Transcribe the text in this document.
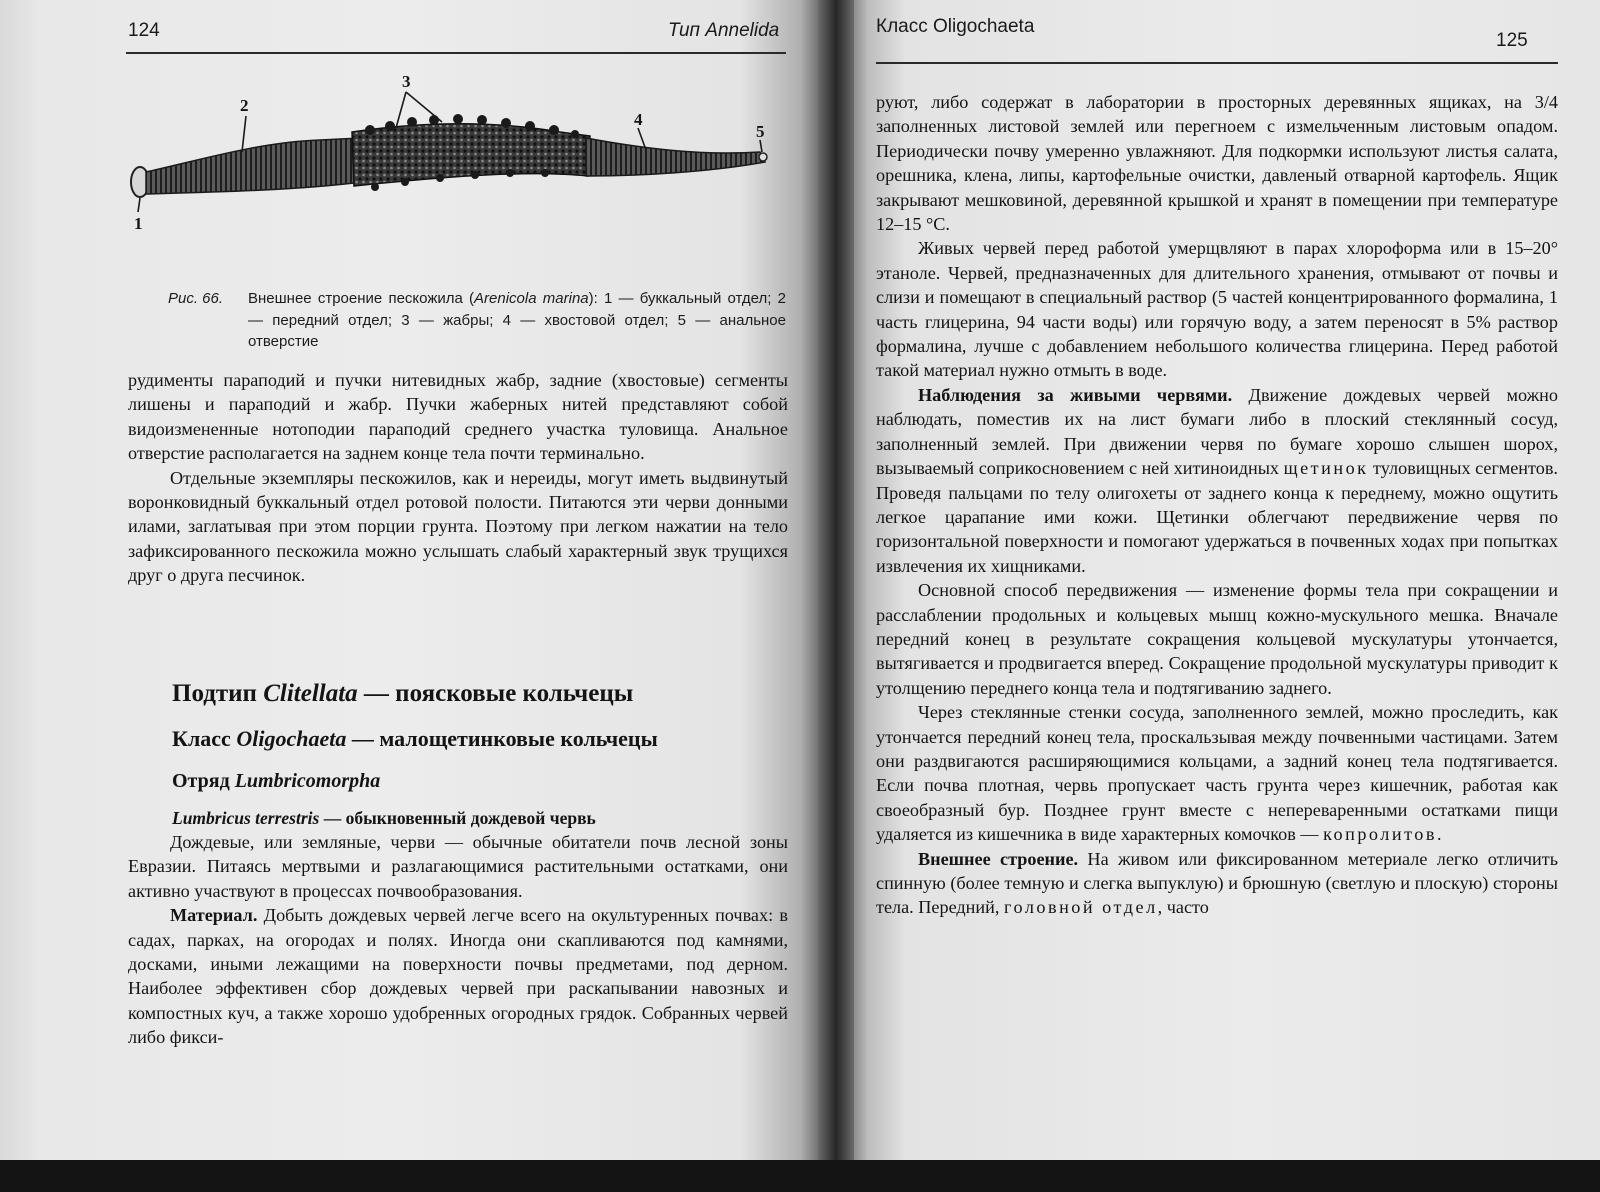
124	Тип Annelida
1
2
3
4
5
Рис. 66. Внешнее строение пескожила (Arenicola marina): 1 — буккальный отдел; 2 — передний отдел; 3 — жабры; 4 — хвостовой отдел; 5 — анальное отверстие

рудименты параподий и пучки нитевидных жабр, задние (хвостовые) сегменты лишены и параподий и жабр. Пучки жаберных нитей представляют собой видоизмененные нотоподии параподий среднего участка туловища. Анальное отверстие располагается на заднем конце тела почти терминально.

Отдельные экземпляры пескожилов, как и нереиды, могут иметь выдвинутый воронковидный буккальный отдел ротовой полости. Питаются эти черви донными илами, заглатывая при этом порции грунта. Поэтому при легком нажатии на тело зафиксированного пескожила можно услышать слабый характерный звук трущихся друг о друга песчинок.

Подтип Clitellata — поясковые кольчецы
Класс Oligochaeta — малощетинковые кольчецы
Отряд Lumbricomorpha
Lumbricus terrestris — обыкновенный дождевой червь

Дождевые, или земляные, черви — обычные обитатели почв лесной зоны Евразии. Питаясь мертвыми и разлагающимися растительными остатками, они активно участвуют в процессах почвообразования.

Материал. Добыть дождевых червей легче всего на окультуренных почвах: в садах, парках, на огородах и полях. Иногда они скапливаются под камнями, досками, иными лежащими на поверхности почвы предметами, под дерном. Наиболее эффективен сбор дождевых червей при раскапывании навозных и компостных куч, а также хорошо удобренных огородных грядок. Собранных червей либо фикси-

Класс Oligochaeta
125

руют, либо содержат в лаборатории в просторных деревянных ящиках, на 3/4 заполненных листовой землей или перегноем с измельченным листовым опадом. Периодически почву умеренно увлажняют. Для подкормки используют листья салата, орешника, клена, липы, картофельные очистки, давленый отварной картофель. Ящик закрывают мешковиной, деревянной крышкой и хранят в помещении при температуре 12–15 °С.

Живых червей перед работой умерщвляют в парах хлороформа или в 15–20° этаноле. Червей, предназначенных для длительного хранения, отмывают от почвы и слизи и помещают в специальный раствор (5 частей концентрированного формалина, 1 часть глицерина, 94 части воды) или горячую воду, а затем переносят в 5% раствор формалина, лучше с добавлением небольшого количества глицерина. Перед работой такой материал нужно отмыть в воде.

Наблюдения за живыми червями. Движение дождевых червей можно наблюдать, поместив их на лист бумаги либо в плоский стеклянный сосуд, заполненный землей. При движении червя по бумаге хорошо слышен шорох, вызываемый соприкосновением с ней хитиноидных щетинок туловищных сегментов. Проведя пальцами по телу олигохеты от заднего конца к переднему, можно ощутить легкое царапание ими кожи. Щетинки облегчают передвижение червя по горизонтальной поверхности и помогают удержаться в почвенных ходах при попытках извлечения их хищниками.

Основной способ передвижения — изменение формы тела при сокращении и расслаблении продольных и кольцевых мышц кожно-мускульного мешка. Вначале передний конец в результате сокращения кольцевой мускулатуры утончается, вытягивается и продвигается вперед. Сокращение продольной мускулатуры приводит к утолщению переднего конца тела и подтягиванию заднего.

Через стеклянные стенки сосуда, заполненного землей, можно проследить, как утончается передний конец тела, проскальзывая между почвенными частицами. Затем они раздвигаются расширяющимися кольцами, а задний конец тела подтягивается. Если почва плотная, червь пропускает часть грунта через кишечник, работая как своеобразный бур. Позднее грунт вместе с непереваренными остатками пищи удаляется из кишечника в виде характерных комочков — копролитов.

Внешнее строение. На живом или фиксированном метериале легко отличить спинную (более темную и слегка выпуклую) и брюшную (светлую и плоскую) стороны тела. Передний, головной отдел, часто
